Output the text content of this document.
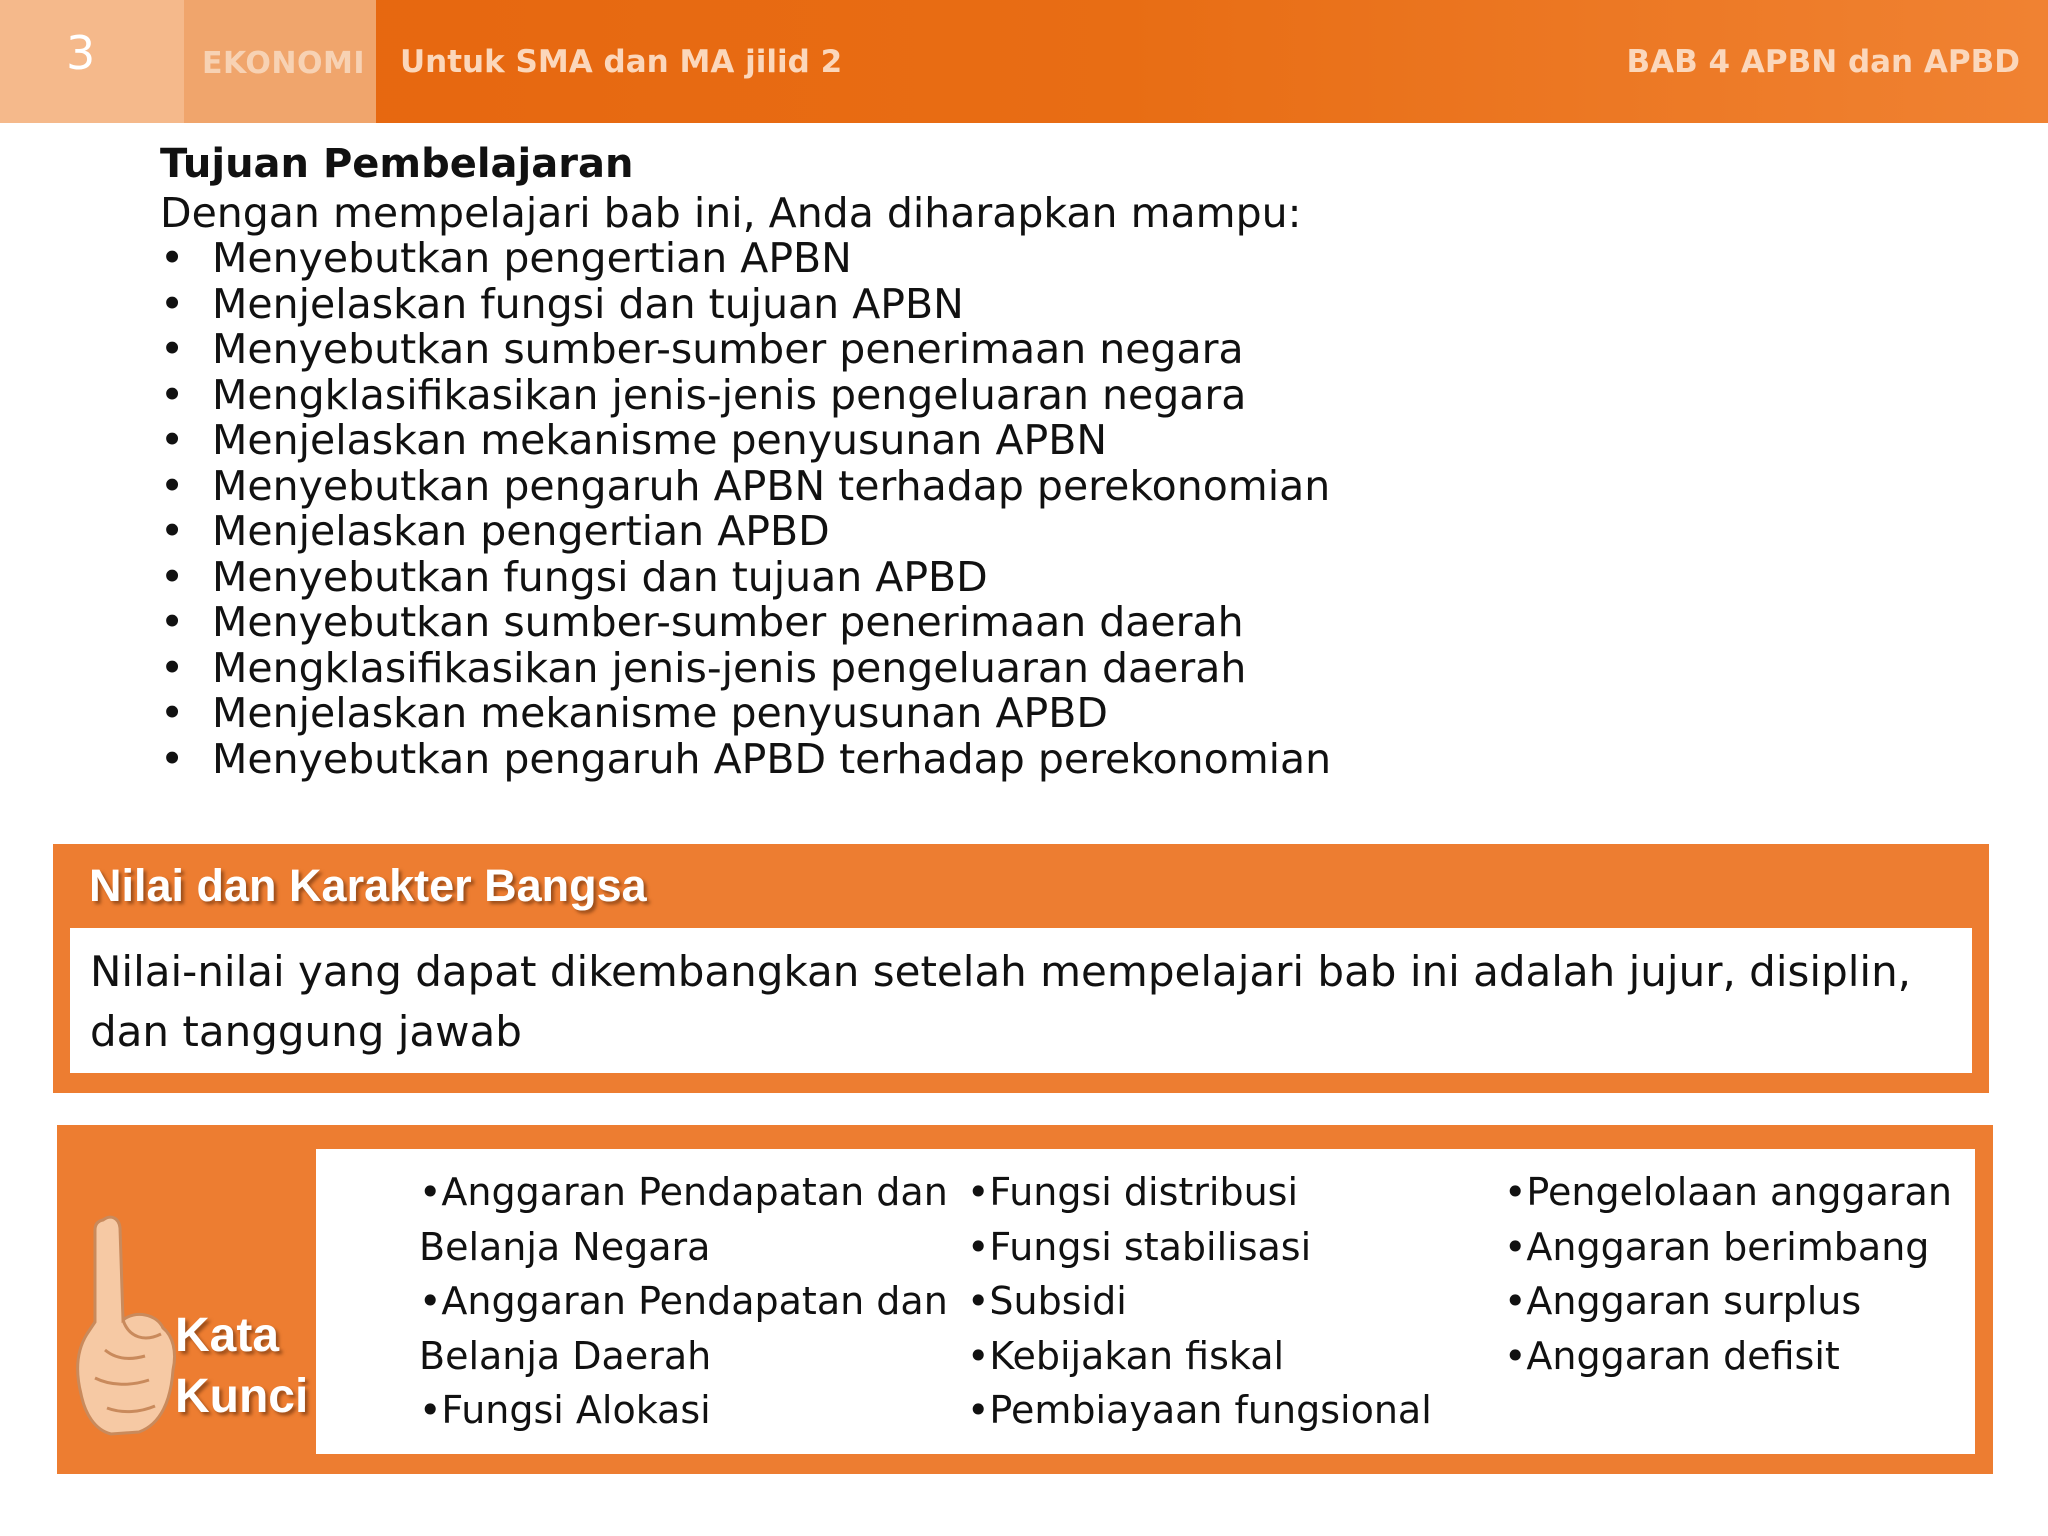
3	EKONOMI Untuk SMA dan MA jilid 2	BAB 4 APBN dan APBD
Tujuan Pembelajaran
Dengan mempelajari bab ini, Anda diharapkan mampu:
• Menyebutkan pengertian APBN
• Menjelaskan fungsi dan tujuan APBN
• Menyebutkan sumber-sumber penerimaan negara
• Mengklasifikasikan jenis-jenis pengeluaran negara
• Menjelaskan mekanisme penyusunan APBN
• Menyebutkan pengaruh APBN terhadap perekonomian
• Menjelaskan pengertian APBD
• Menyebutkan fungsi dan tujuan APBD
• Menyebutkan sumber-sumber penerimaan daerah
• Mengklasifikasikan jenis-jenis pengeluaran daerah
• Menjelaskan mekanisme penyusunan APBD
• Menyebutkan pengaruh APBD terhadap perekonomian
Nilai dan Karakter Bangsa
Nilai-nilai yang dapat dikembangkan setelah mempelajari bab ini adalah jujur, disiplin, dan tanggung jawab
Kata Kunci
•Anggaran Pendapatan dan Belanja Negara
•Anggaran Pendapatan dan Belanja Daerah
•Fungsi Alokasi
•Fungsi distribusi
•Fungsi stabilisasi
•Subsidi
•Kebijakan fiskal
•Pembiayaan fungsional
•Pengelolaan anggaran
•Anggaran berimbang
•Anggaran surplus
•Anggaran defisit
